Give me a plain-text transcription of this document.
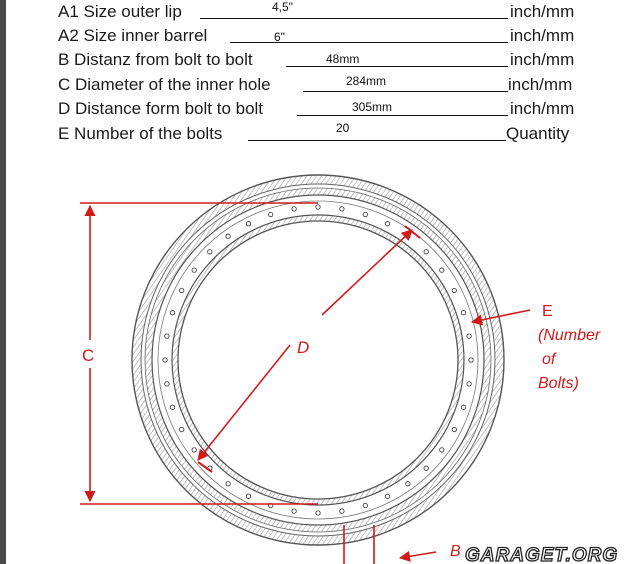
A1 Size outer lip	4,5"	inch/mm
A2 Size inner barrel	6"	inch/mm
B Distanz from bolt to bolt	48mm	inch/mm
C Diameter of the inner hole	284mm	inch/mm
D Distance form bolt to bolt	305mm	inch/mm
E Number of the bolts	20	Quantity
C	D
E
(Number
of
Bolts)
B GARAGET.ORG
